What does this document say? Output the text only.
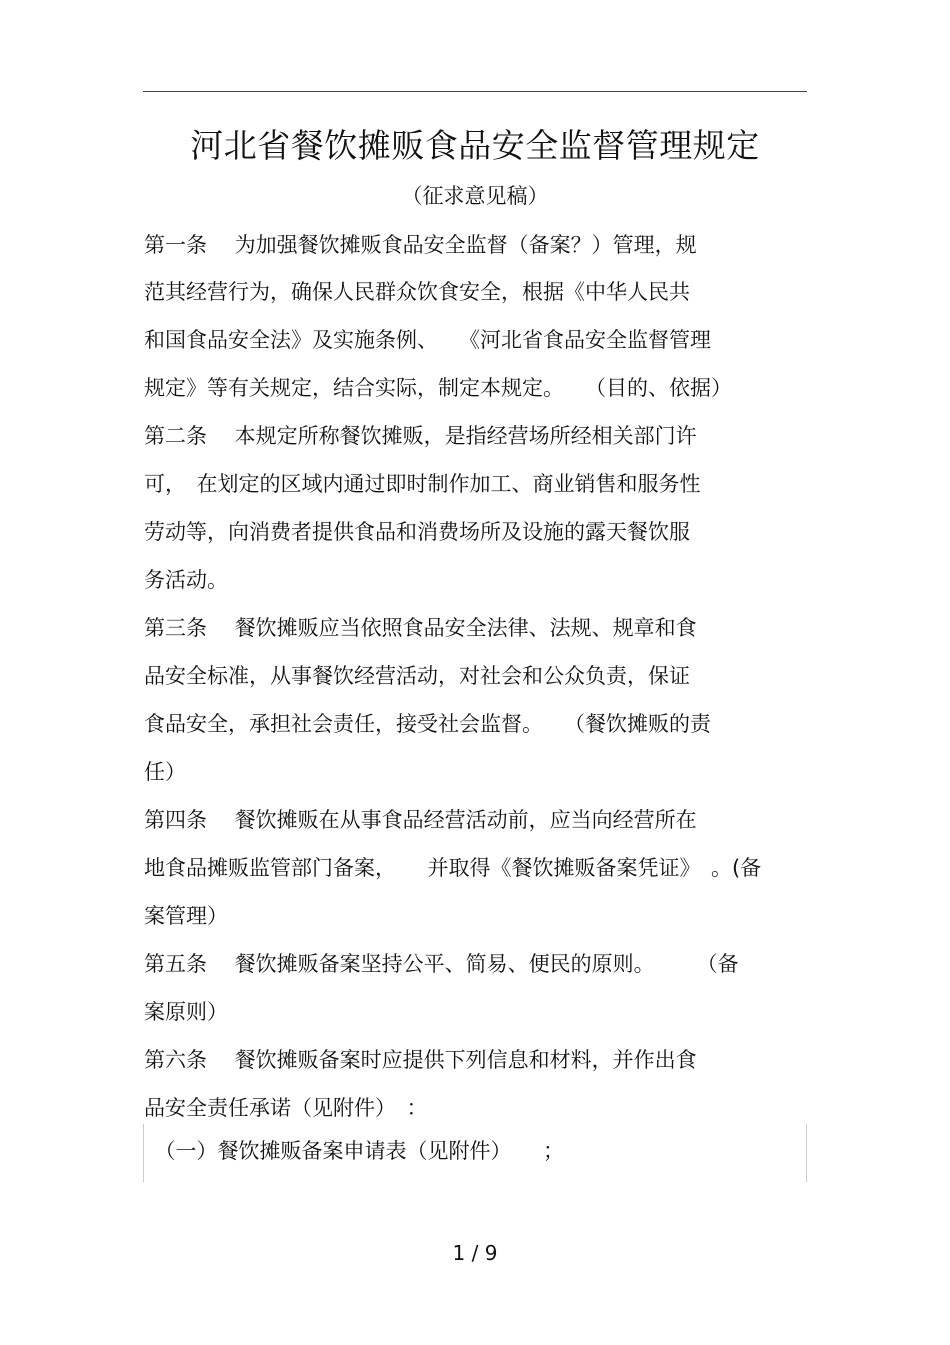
河北省餐饮摊贩食品安全监督管理规定
（征求意见稿）
第一条　 为加强餐饮摊贩食品安全监督（备案？）管理，规
范其经营行为，确保人民群众饮食安全，根据《中华人民共
和国食品安全法》及实施条例、　　《河北省食品安全监督管理
规定》等有关规定，结合实际，制定本规定。　　（目的、依据）
第二条　 本规定所称餐饮摊贩，是指经营场所经相关部门许
可，　在划定的区域内通过即时制作加工、商业销售和服务性
劳动等，向消费者提供食品和消费场所及设施的露天餐饮服
务活动。
第三条　 餐饮摊贩应当依照食品安全法律、法规、规章和食
品安全标准，从事餐饮经营活动，对社会和公众负责，保证
食品安全，承担社会责任，接受社会监督。　　（餐饮摊贩的责
任）
第四条　 餐饮摊贩在从事食品经营活动前，应当向经营所在
地食品摊贩监管部门备案，　　并取得《餐饮摊贩备案凭证》　。(备
案管理）
第五条　 餐饮摊贩备案坚持公平、简易、便民的原则。　　　（备
案原则）
第六条　 餐饮摊贩备案时应提供下列信息和材料，并作出食
品安全责任承诺（见附件）　：
　（一）餐饮摊贩备案申请表（见附件）　　；
1 / 9
